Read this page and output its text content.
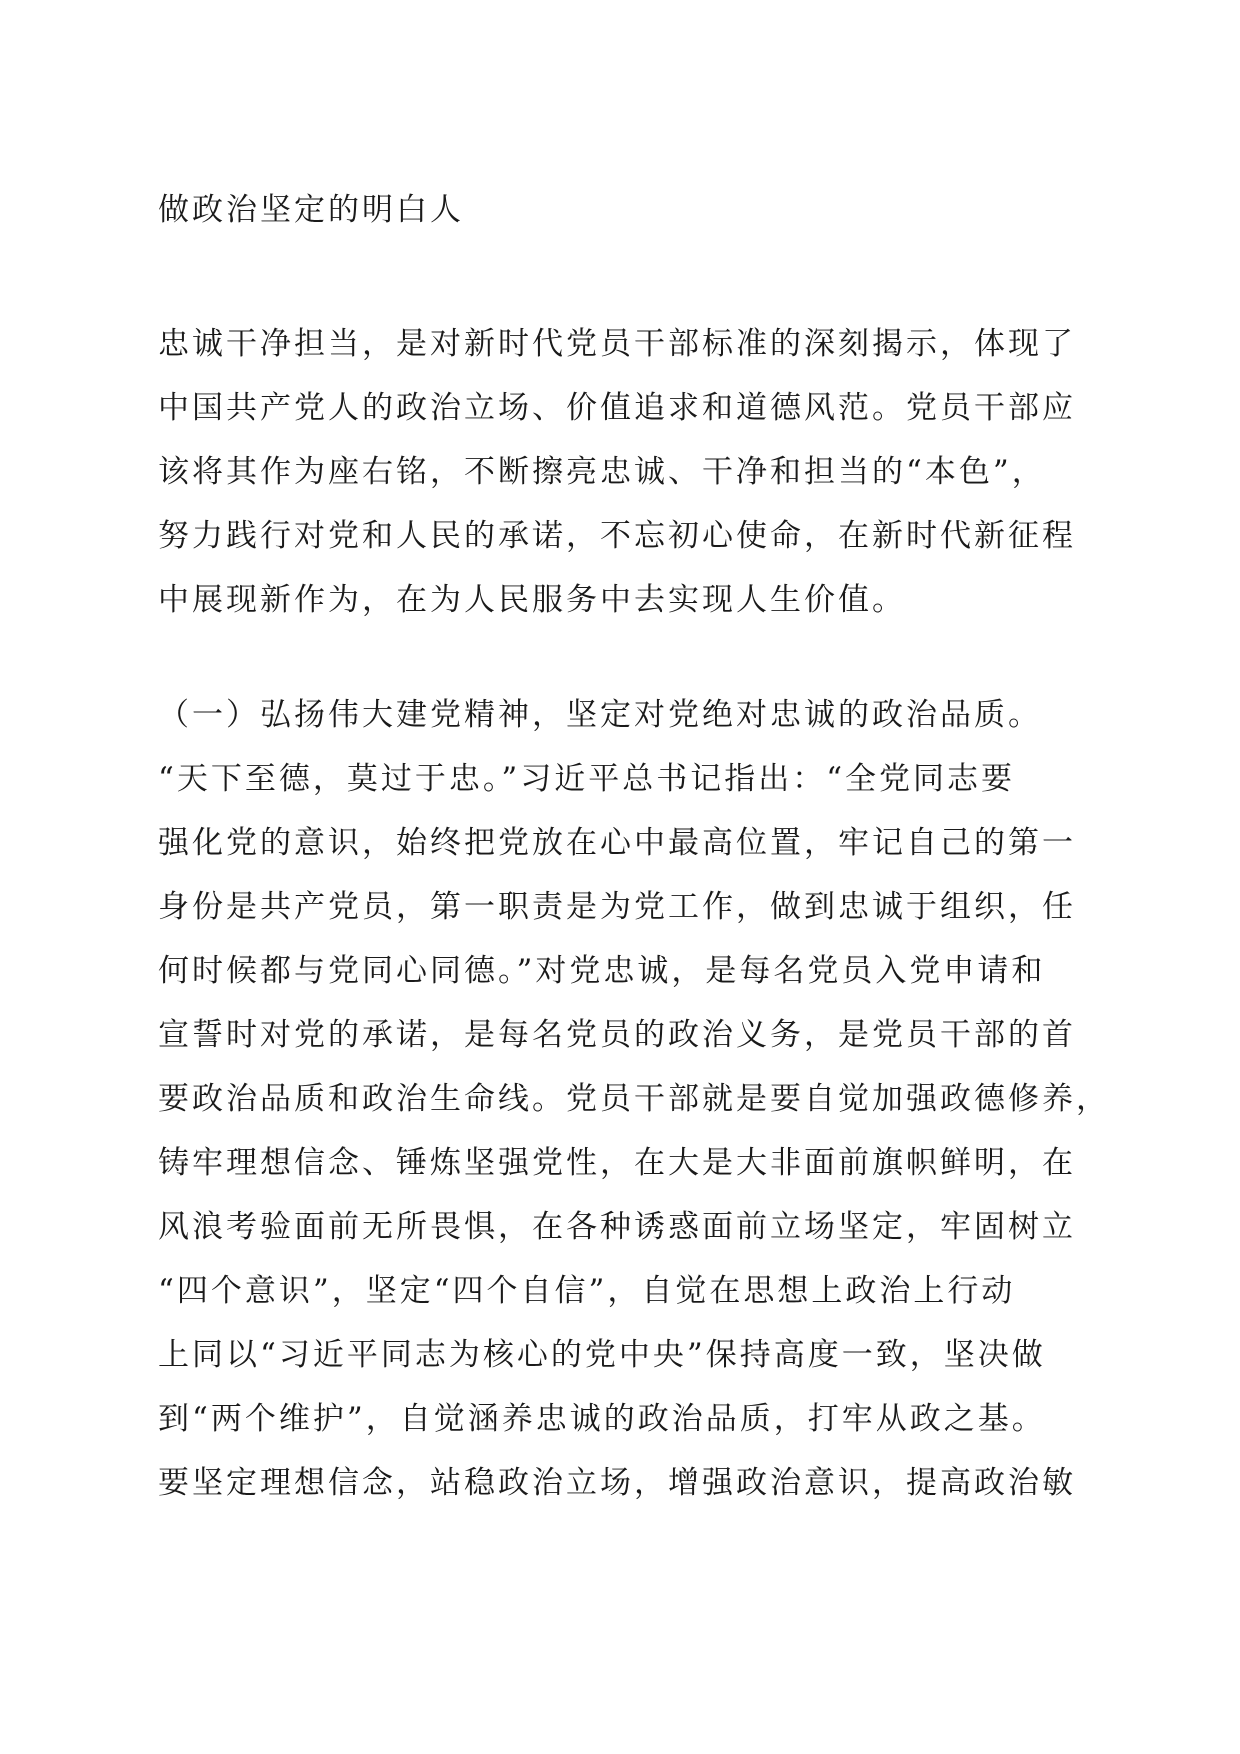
做政治坚定的明白人

忠诚干净担当，是对新时代党员干部标准的深刻揭示，体现了
中国共产党人的政治立场、价值追求和道德风范。党员干部应
该将其作为座右铭，不断擦亮忠诚、干净和担当的“本色”，
努力践行对党和人民的承诺，不忘初心使命，在新时代新征程
中展现新作为，在为人民服务中去实现人生价值。

（一）弘扬伟大建党精神，坚定对党绝对忠诚的政治品质。
“天下至德，莫过于忠。”习近平总书记指出：“全党同志要
强化党的意识，始终把党放在心中最高位置，牢记自己的第一
身份是共产党员，第一职责是为党工作，做到忠诚于组织，任
何时候都与党同心同德。”对党忠诚，是每名党员入党申请和
宣誓时对党的承诺，是每名党员的政治义务，是党员干部的首
要政治品质和政治生命线。党员干部就是要自觉加强政德修养，
铸牢理想信念、锤炼坚强党性，在大是大非面前旗帜鲜明，在
风浪考验面前无所畏惧，在各种诱惑面前立场坚定，牢固树立
“四个意识”，坚定“四个自信”，自觉在思想上政治上行动
上同以“习近平同志为核心的党中央”保持高度一致，坚决做
到“两个维护”，自觉涵养忠诚的政治品质，打牢从政之基。
要坚定理想信念，站稳政治立场，增强政治意识，提高政治敏
